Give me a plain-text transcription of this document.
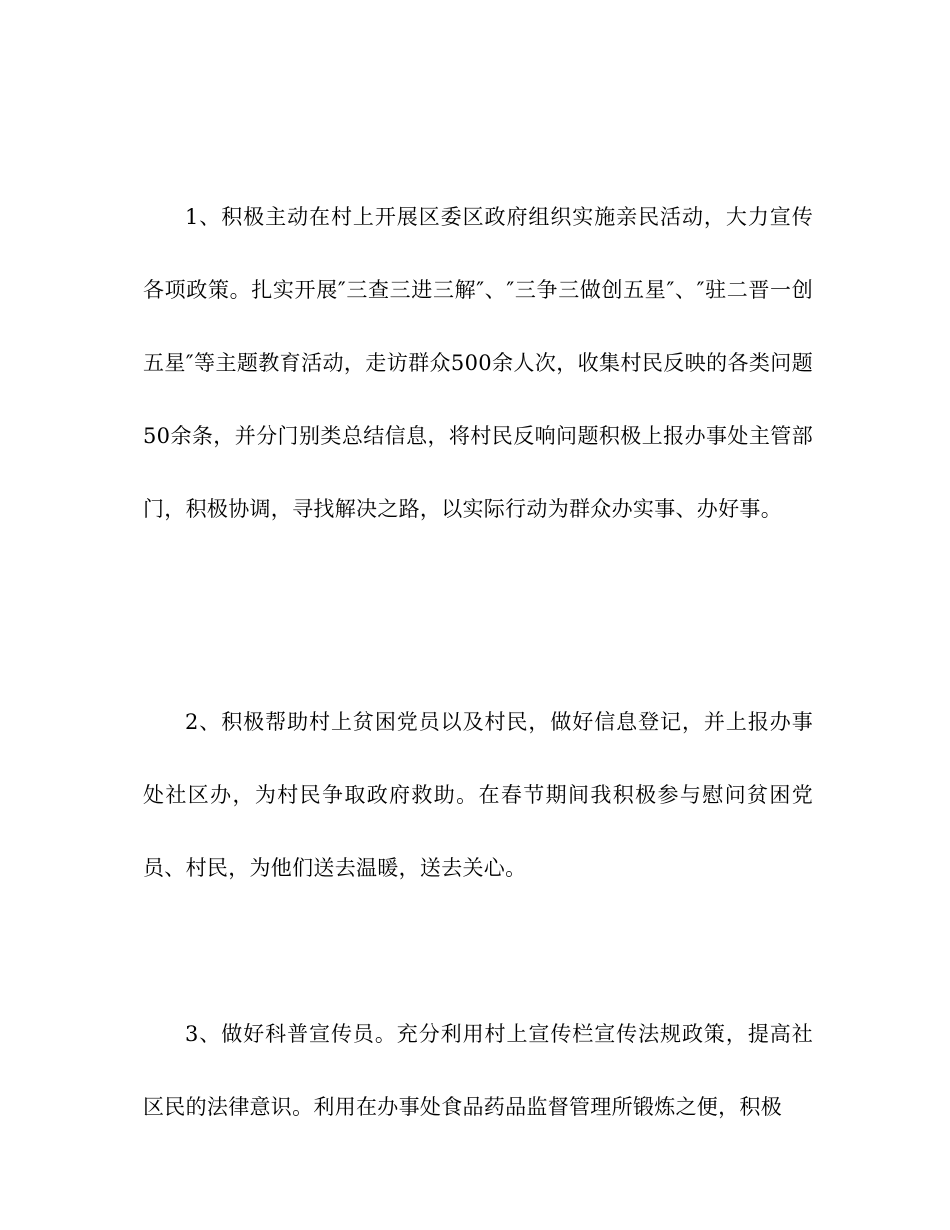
1、积极主动在村上开展区委区政府组织实施亲民活动，大力宣传各项政策。扎实开展″三查三进三解″、″三争三做创五星″、″驻二晋一创五星″等主题教育活动，走访群众500余人次，收集村民反映的各类问题50余条，并分门别类总结信息，将村民反响问题积极上报办事处主管部门，积极协调，寻找解决之路，以实际行动为群众办实事、办好事。

2、积极帮助村上贫困党员以及村民，做好信息登记，并上报办事处社区办，为村民争取政府救助。在春节期间我积极参与慰问贫困党员、村民，为他们送去温暖，送去关心。

3、做好科普宣传员。充分利用村上宣传栏宣传法规政策，提高社区民的法律意识。利用在办事处食品药品监督管理所锻炼之便，积极
